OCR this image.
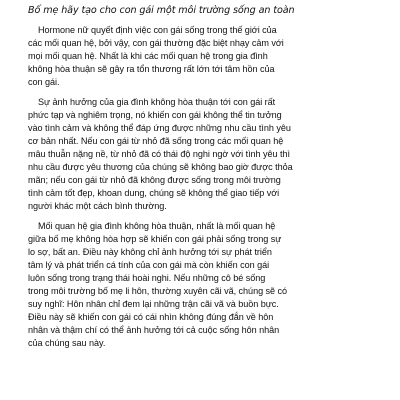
Bố mẹ hãy tạo cho con gái một môi trường sống an toàn
Hormone nữ quyết định việc con gái sống trong thế giới của
các mối quan hệ, bởi vậy, con gái thường đặc biệt nhạy cảm với
mọi mối quan hệ. Nhất là khi các mối quan hệ trong gia đình
không hòa thuận sẽ gây ra tổn thương rất lớn tới tâm hồn của
con gái.
Sự ảnh hưởng của gia đình không hòa thuận tới con gái rất
phức tạp và nghiêm trọng, nó khiến con gái không thể tin tưởng
vào tình cảm và không thể đáp ứng được những nhu cầu tình yêu
cơ bản nhất. Nếu con gái từ nhỏ đã sống trong các mối quan hệ
mâu thuẫn nặng nề, từ nhỏ đã có thái độ nghi ngờ với tình yêu thì
nhu cầu được yêu thương của chúng sẽ không bao giờ được thỏa
mãn; nếu con gái từ nhỏ đã không được sống trong môi trường
tình cảm tốt đẹp, khoan dung, chúng sẽ không thể giao tiếp với
người khác một cách bình thường.
Mối quan hệ gia đình không hòa thuận, nhất là mối quan hệ
giữa bố mẹ không hòa hợp sẽ khiến con gái phải sống trong sự
lo sợ, bất an. Điều này không chỉ ảnh hưởng tới sự phát triển
tâm lý và phát triển cá tính của con gái mà còn khiến con gái
luôn sống trong trạng thái hoài nghi. Nếu những cô bé sống
trong môi trường bố mẹ li hôn, thường xuyên cãi vã, chúng sẽ có
suy nghĩ: Hôn nhân chỉ đem lại những trận cãi vã và buồn bực.
Điều này sẽ khiến con gái có cái nhìn không đúng đắn về hôn
nhân và thậm chí có thể ảnh hưởng tới cả cuộc sống hôn nhân
của chúng sau này.
